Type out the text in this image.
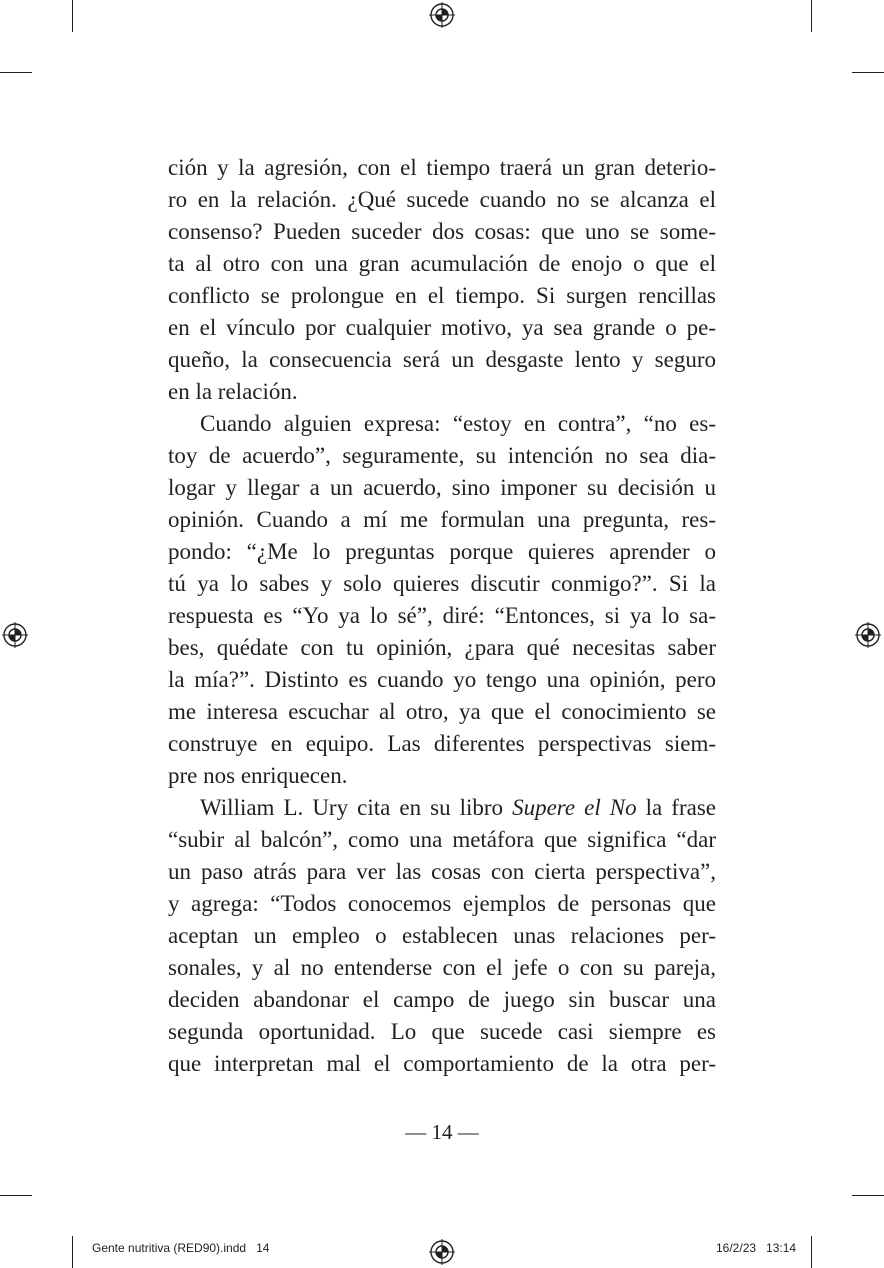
ción y la agresión, con el tiempo traerá un gran deterio-
ro en la relación. ¿Qué sucede cuando no se alcanza el
consenso? Pueden suceder dos cosas: que uno se some-
ta al otro con una gran acumulación de enojo o que el
conflicto se prolongue en el tiempo. Si surgen rencillas
en el vínculo por cualquier motivo, ya sea grande o pe-
queño, la consecuencia será un desgaste lento y seguro
en la relación.

Cuando alguien expresa: “estoy en contra”, “no es-
toy de acuerdo”, seguramente, su intención no sea dia-
logar y llegar a un acuerdo, sino imponer su decisión u
opinión. Cuando a mí me formulan una pregunta, res-
pondo: “¿Me lo preguntas porque quieres aprender o
tú ya lo sabes y solo quieres discutir conmigo?”. Si la
respuesta es “Yo ya lo sé”, diré: “Entonces, si ya lo sa-
bes, quédate con tu opinión, ¿para qué necesitas saber
la mía?”. Distinto es cuando yo tengo una opinión, pero
me interesa escuchar al otro, ya que el conocimiento se
construye en equipo. Las diferentes perspectivas siem-
pre nos enriquecen.

William L. Ury cita en su libro Supere el No la frase
“subir al balcón”, como una metáfora que significa “dar
un paso atrás para ver las cosas con cierta perspectiva”,
y agrega: “Todos conocemos ejemplos de personas que
aceptan un empleo o establecen unas relaciones per-
sonales, y al no entenderse con el jefe o con su pareja,
deciden abandonar el campo de juego sin buscar una
segunda oportunidad. Lo que sucede casi siempre es
que interpretan mal el comportamiento de la otra per-

— 14 —
Gente nutritiva (RED90).indd   14	16/2/23   13:14
